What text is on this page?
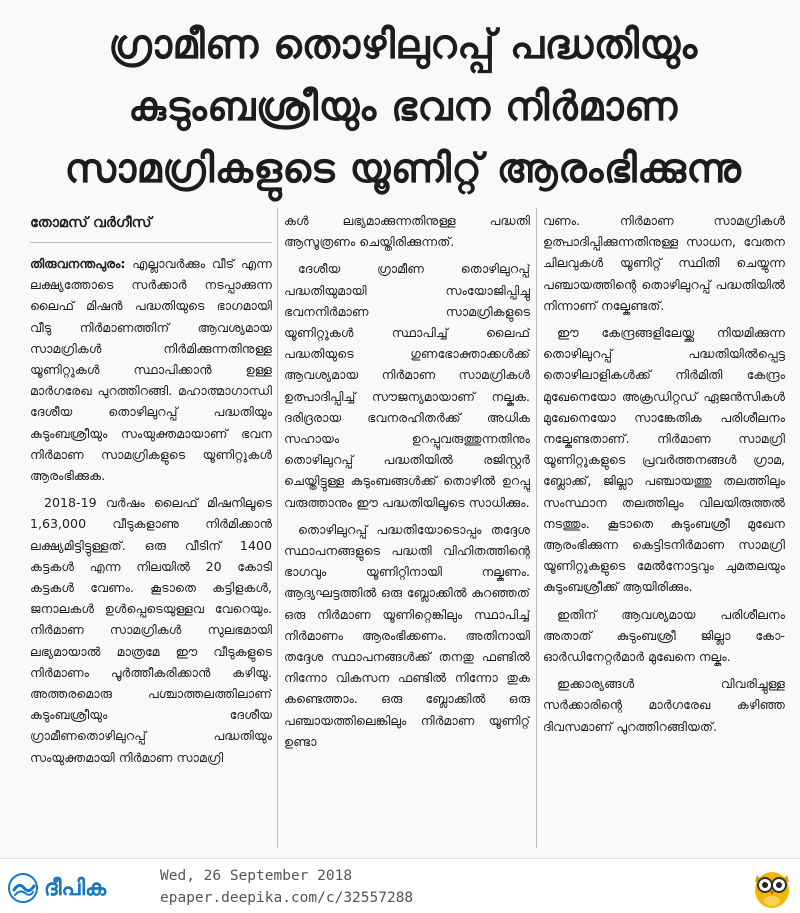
ഗ്രാമീണ തൊഴിലുറപ്പ് പദ്ധതിയും
കുടുംബശ്രീയും ഭവന നിർമാണ
സാമഗ്രികളുടെ യൂണിറ്റ് ആരംഭിക്കുന്നു
തോമസ് വർഗീസ്

തിരുവനന്തപുരം: എല്ലാവർക്കും വീട് എന്ന ലക്ഷ്യത്തോടെ സർക്കാർ നടപ്പാക്കുന്ന ലൈഫ് മിഷൻ പദ്ധതിയുടെ ഭാഗമായി വീടു നിർമാണത്തിന് ആവശ്യമായ സാമഗ്രികൾ നിർമിക്കുന്നതിനുള്ള യൂണിറ്റുകൾ സ്ഥാപിക്കാൻ ഉള്ള മാർഗരേഖ പുറത്തിറങ്ങി. മഹാത്മാഗാന്ധി ദേശീയ തൊഴിലുറപ്പ് പദ്ധതിയും കുടുംബശ്രീയും സംയുക്തമായാണ് ഭവന നിർമാണ സാമഗ്രികളുടെ യൂണിറ്റുകൾ ആരംഭിക്കുക.

2018-19 വർഷം ലൈഫ് മിഷനിലൂടെ 1,63,000 വീടുകളാണു നിർമിക്കാൻ ലക്ഷ്യമിട്ടിട്ടുള്ളത്. ഒരു വീടിന് 1400 കട്ടകൾ എന്ന നിലയിൽ 20 കോടി കട്ടകൾ വേണം. കൂടാതെ കട്ടിളകൾ, ജനാലകൾ ഉൾപ്പെടെയുള്ളവ വേറെയും. നിർമാണ സാമഗ്രികൾ സുലഭമായി ലഭ്യമായാൽ മാത്രമേ ഈ വീടുകളുടെ നിർമാണം പൂർത്തീകരിക്കാൻ കഴിയൂ. അത്തരമൊരു പശ്ചാത്തലത്തിലാണ് കുടുംബശ്രീയും ദേശീയ ഗ്രാമീണതൊഴിലുറപ്പ് പദ്ധതിയും സംയുക്തമായി നിർമാണ സാമഗ്രി

കൾ ലഭ്യമാക്കുന്നതിനുള്ള പദ്ധതി ആസൂത്രണം ചെയ്തിരിക്കുന്നത്.

ദേശീയ ഗ്രാമീണ തൊഴിലുറപ്പ് പദ്ധതിയുമായി സംയോജിപ്പിച്ചു ഭവനനിർമാണ സാമഗ്രികളുടെ യൂണിറ്റുകൾ സ്ഥാപിച്ച് ലൈഫ് പദ്ധതിയുടെ ഗുണഭോക്താക്കൾക്ക് ആവശ്യമായ നിർമാണ സാമഗ്രികൾ ഉത്പാദിപ്പിച്ച് സൗജന്യമായാണ് നല്കുക. ദരിദ്രരായ ഭവനരഹിതർക്ക് അധിക സഹായം ഉറപ്പുവരുത്തുന്നതിനും തൊഴിലുറപ്പ് പദ്ധതിയിൽ രജിസ്റ്റർ ചെയ്തിട്ടുള്ള കുടുംബങ്ങൾക്ക് തൊഴിൽ ഉറപ്പു വരുത്താനും ഈ പദ്ധതിയിലൂടെ സാധിക്കും.

തൊഴിലുറപ്പ് പദ്ധതിയോടൊപ്പം തദ്ദേശ സ്ഥാപനങ്ങളുടെ പദ്ധതി വിഹിതത്തിന്റെ ഭാഗവും യൂണിറ്റിനായി നല്കണം. ആദ്യഘട്ടത്തിൽ ഒരു ബ്ലോക്കിൽ കുറഞ്ഞത് ഒരു നിർമാണ യൂണിറ്റെങ്കിലും സ്ഥാപിച്ച് നിർമാണം ആരംഭിക്കണം. അതിനായി തദ്ദേശ സ്ഥാപനങ്ങൾക്ക് തനതു ഫണ്ടിൽ നിന്നോ വികസന ഫണ്ടിൽ നിന്നോ തുക കണ്ടെത്താം. ഒരു ബ്ലോക്കിൽ ഒരു പഞ്ചായത്തിലെങ്കിലും നിർമാണ യൂണിറ്റ് ഉണ്ടാ

വണം. നിർമാണ സാമഗ്രികൾ ഉത്പാദിപ്പിക്കുന്നതിനുള്ള സാധന, വേതന ചിലവുകൾ യൂണിറ്റ് സ്ഥിതി ചെയ്യുന്ന പഞ്ചായത്തിന്റെ തൊഴിലുറപ്പ് പദ്ധതിയിൽ നിന്നാണ് നല്കേണ്ടത്.

ഈ കേന്ദ്രങ്ങളിലേയ്ക്കു നിയമിക്കുന്ന തൊഴിലുറപ്പ് പദ്ധതിയിൽപ്പെട്ട തൊഴിലാളികൾക്ക് നിർമിതി കേന്ദ്രം മുഖേനെയോ അക്രഡിറ്റഡ് ഏജൻസികൾ മുഖേനെയോ സാങ്കേതിക പരിശീലനം നല്കേണ്ടതാണ്. നിർമാണ സാമഗ്രി യൂണിറ്റുകളുടെ പ്രവർത്തനങ്ങൾ ഗ്രാമ, ബ്ലോക്ക്, ജില്ലാ പഞ്ചായത്തു തലത്തിലും സംസ്ഥാന തലത്തിലും വിലയിരുത്തൽ നടത്തും. കൂടാതെ കുടുംബശ്രീ മുഖേന ആരംഭിക്കുന്ന കെട്ടിടനിർമാണ സാമഗ്രി യൂണിറ്റുകളുടെ മേൽനോട്ടവും ചുമതലയും കുടുംബശ്രീക്ക് ആയിരിക്കും.

ഇതിന് ആവശ്യമായ പരിശീലനം അതാത് കുടുംബശ്രീ ജില്ലാ കോ-ഓർഡിനേറ്റർമാർ മുഖേനെ നല്കും.

ഇക്കാര്യങ്ങൾ വിവരിച്ചുള്ള സർക്കാരിന്റെ മാർഗരേഖ കഴിഞ്ഞ ദിവസമാണ് പുറത്തിറങ്ങിയത്.

ദീപിക	Wed, 26 September 2018
epaper.deepika.com/c/32557288
